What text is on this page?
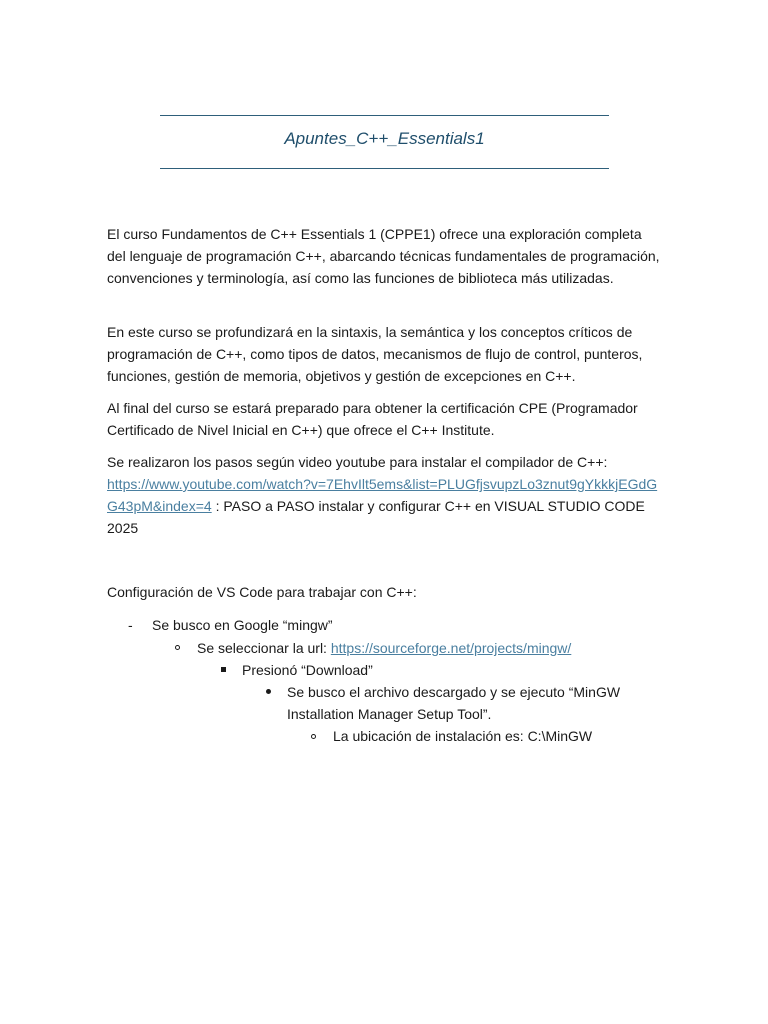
Apuntes_C++_Essentials1

El curso Fundamentos de C++ Essentials 1 (CPPE1) ofrece una exploración completa del lenguaje de programación C++, abarcando técnicas fundamentales de programación, convenciones y terminología, así como las funciones de biblioteca más utilizadas.

En este curso se profundizará en la sintaxis, la semántica y los conceptos críticos de programación de C++, como tipos de datos, mecanismos de flujo de control, punteros, funciones, gestión de memoria, objetivos y gestión de excepciones en C++.

Al final del curso se estará preparado para obtener la certificación CPE (Programador Certificado de Nivel Inicial en C++) que ofrece el C++ Institute.

Se realizaron los pasos según video youtube para instalar el compilador de C++:
https://www.youtube.com/watch?v=7EhvIlt5ems&list=PLUGfjsvupzLo3znut9gYkkkjEGdGG43pM&index=4 : PASO a PASO instalar y configurar C++ en VISUAL STUDIO CODE 2025

Configuración de VS Code para trabajar con C++:

- Se busco en Google “mingw”
Se seleccionar la url: https://sourceforge.net/projects/mingw/
Presionó “Download”
Se busco el archivo descargado y se ejecuto “MinGW Installation Manager Setup Tool”.
La ubicación de instalación es: C:\MinGW
